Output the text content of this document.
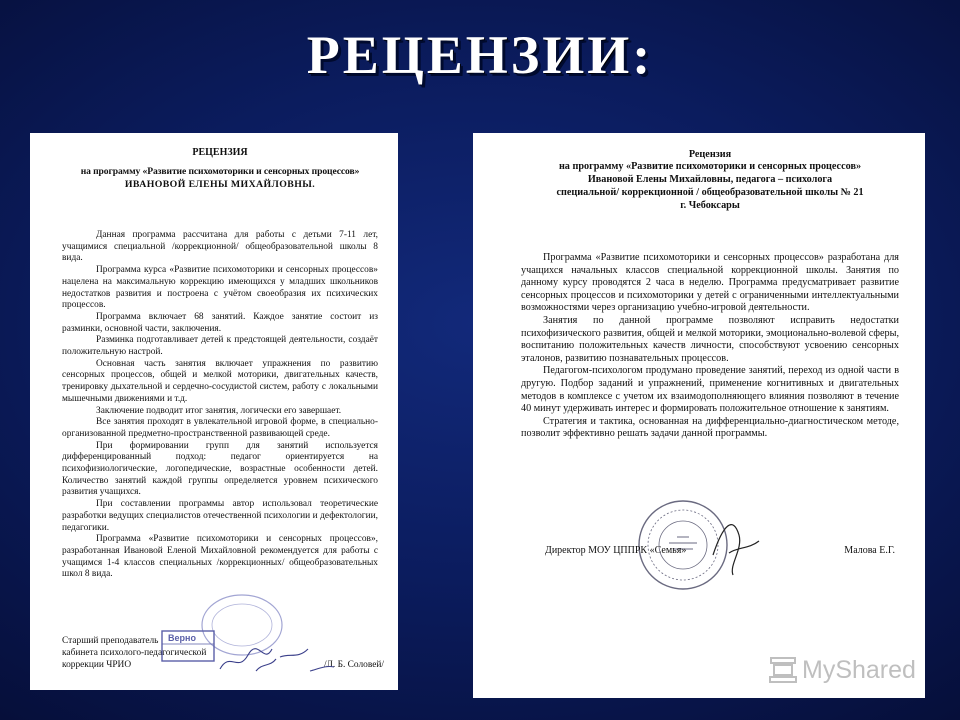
РЕЦЕНЗИИ:
РЕЦЕНЗИЯ
на программу «Развитие психомоторики и сенсорных процессов»
ИВАНОВОЙ ЕЛЕНЫ МИХАЙЛОВНЫ.

Данная программа рассчитана для работы с детьми 7-11 лет, учащимися специальной /коррекционной/ общеобразовательной школы 8 вида.

Программа курса «Развитие психомоторики и сенсорных процессов» нацелена на максимальную коррекцию имеющихся у младших школьников недостатков развития и построена с учётом своеобразия их психических процессов.

Программа включает 68 занятий. Каждое занятие состоит из разминки, основной части, заключения.

Разминка подготавливает детей к предстоящей деятельности, создаёт положительную настрой.

Основная часть занятия включает упражнения по развитию сенсорных процессов, общей и мелкой моторики, двигательных качеств, тренировку дыхательной и сердечно-сосудистой систем, работу с локальными мышечными движениями и т.д.

Заключение подводит итог занятия, логически его завершает.

Все занятия проходят в увлекательной игровой форме, в специально-организованной предметно-пространственной развивающей среде.

При формировании групп для занятий используется дифференцированный подход: педагог ориентируется на психофизиологические, логопедические, возрастные особенности детей. Количество занятий каждой группы определяется уровнем психического развития учащихся.

При составлении программы автор использовал теоретические разработки ведущих специалистов отечественной психологии и дефектологии, педагогики.

Программа «Развитие психомоторики и сенсорных процессов», разработанная Ивановой Еленой Михайловной рекомендуется для работы с учащимся 1-4 классов специальных /коррекционных/ общеобразовательных школ 8 вида.

Старший преподаватель
кабинета психолого-педагогической
коррекции ЧРИО	/Л. Б. Соловей/
Верно
Рецензия
на программу «Развитие психомоторики и сенсорных процессов»
Ивановой Елены Михайловны, педагога – психолога
специальной/ коррекционной / общеобразовательной школы № 21
г. Чебоксары

Программа «Развитие психомоторики и сенсорных процессов» разработана для учащихся начальных классов специальной коррекционной школы. Занятия по данному курсу проводятся 2 часа в неделю. Программа предусматривает развитие сенсорных процессов и психомоторики у детей с ограниченными интеллектуальными возможностями через организацию учебно-игровой деятельности.

Занятия по данной программе позволяют исправить недостатки психофизического развития, общей и мелкой моторики, эмоционально-волевой сферы, воспитанию положительных качеств личности, способствуют усвоению сенсорных эталонов, развитию познавательных процессов.

Педагогом-психологом продумано проведение занятий, переход из одной части в другую. Подбор заданий и упражнений, применение когнитивных и двигательных методов в комплексе с учетом их взаимодополняющего влияния позволяют в течение 40 минут удерживать интерес и формировать положительное отношение к занятиям.

Стратегия и тактика, основанная на дифференциально-диагностическом методе, позволит эффективно решать задачи данной программы.

Директор МОУ ЦППРК «Семья»	Малова Е.Г.
MyShared
